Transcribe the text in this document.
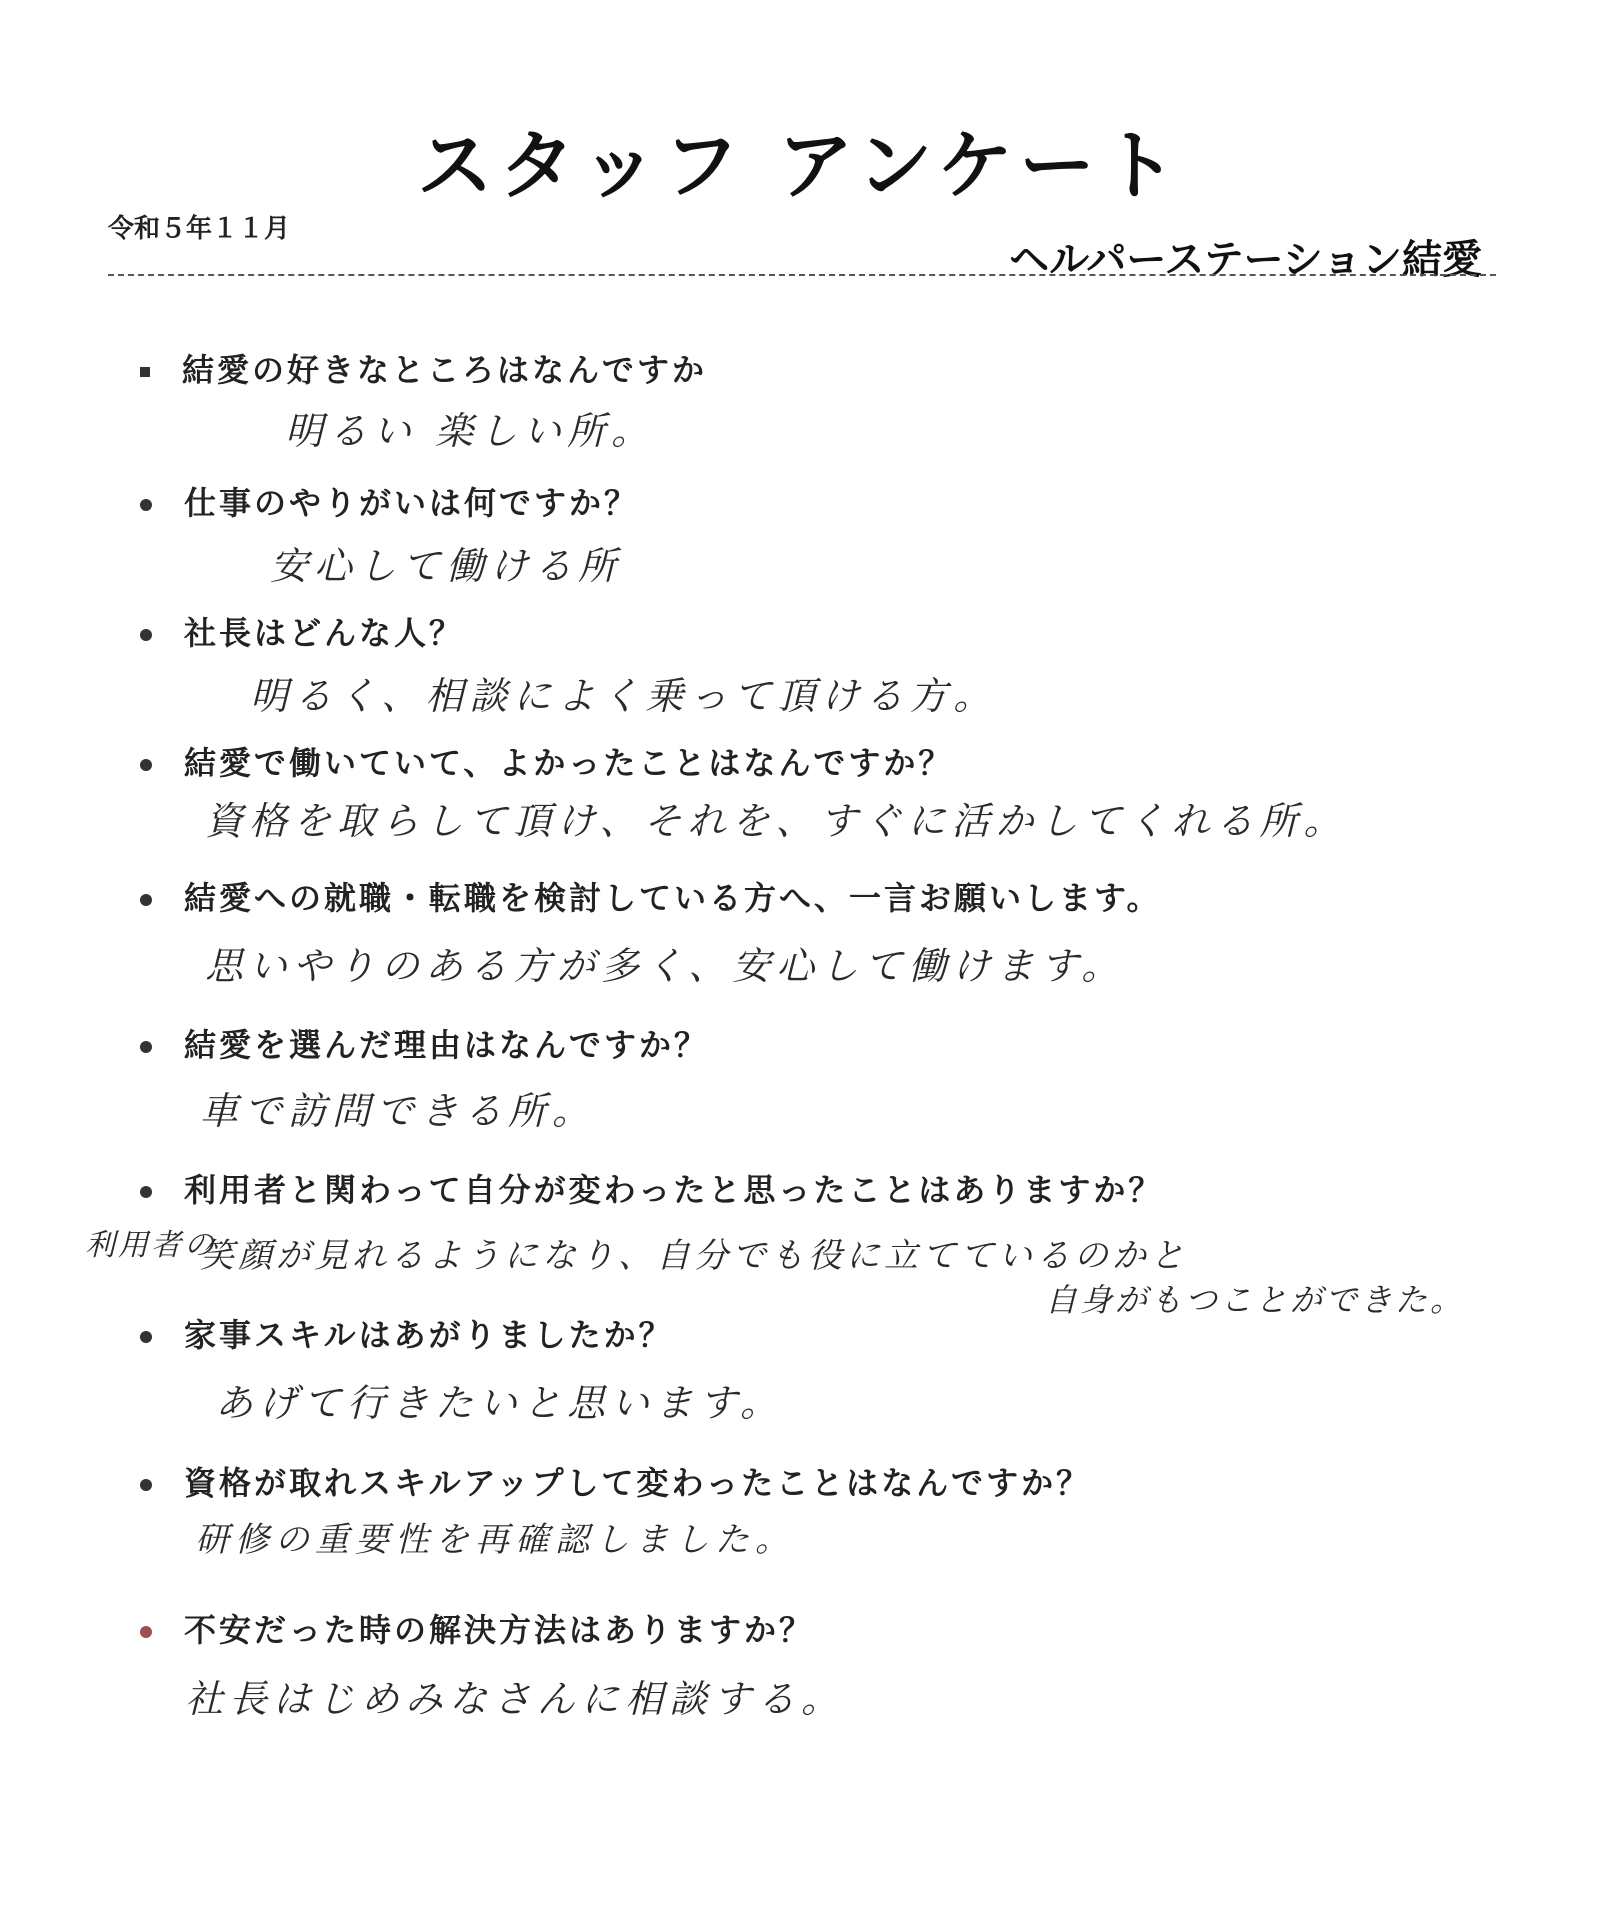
スタッフ アンケート
令和５年１１月
ヘルパーステーション結愛
結愛の好きなところはなんですか
明るい 楽しい所。
仕事のやりがいは何ですか？
安心して働ける所
社長はどんな人？
明るく、相談によく乗って頂ける方。
結愛で働いていて、よかったことはなんですか？
資格を取らして頂け、それを、すぐに活かしてくれる所。
結愛への就職・転職を検討している方へ、一言お願いします。
思いやりのある方が多く、安心して働けます。
結愛を選んだ理由はなんですか？
車で訪問できる所。
利用者と関わって自分が変わったと思ったことはありますか？
利用者の
笑顔が見れるようになり、自分でも役に立てているのかと
自身がもつことができた。
家事スキルはあがりましたか？
あげて行きたいと思います。
資格が取れスキルアップして変わったことはなんですか？
研修の重要性を再確認しました。
不安だった時の解決方法はありますか？
社長はじめみなさんに相談する。
